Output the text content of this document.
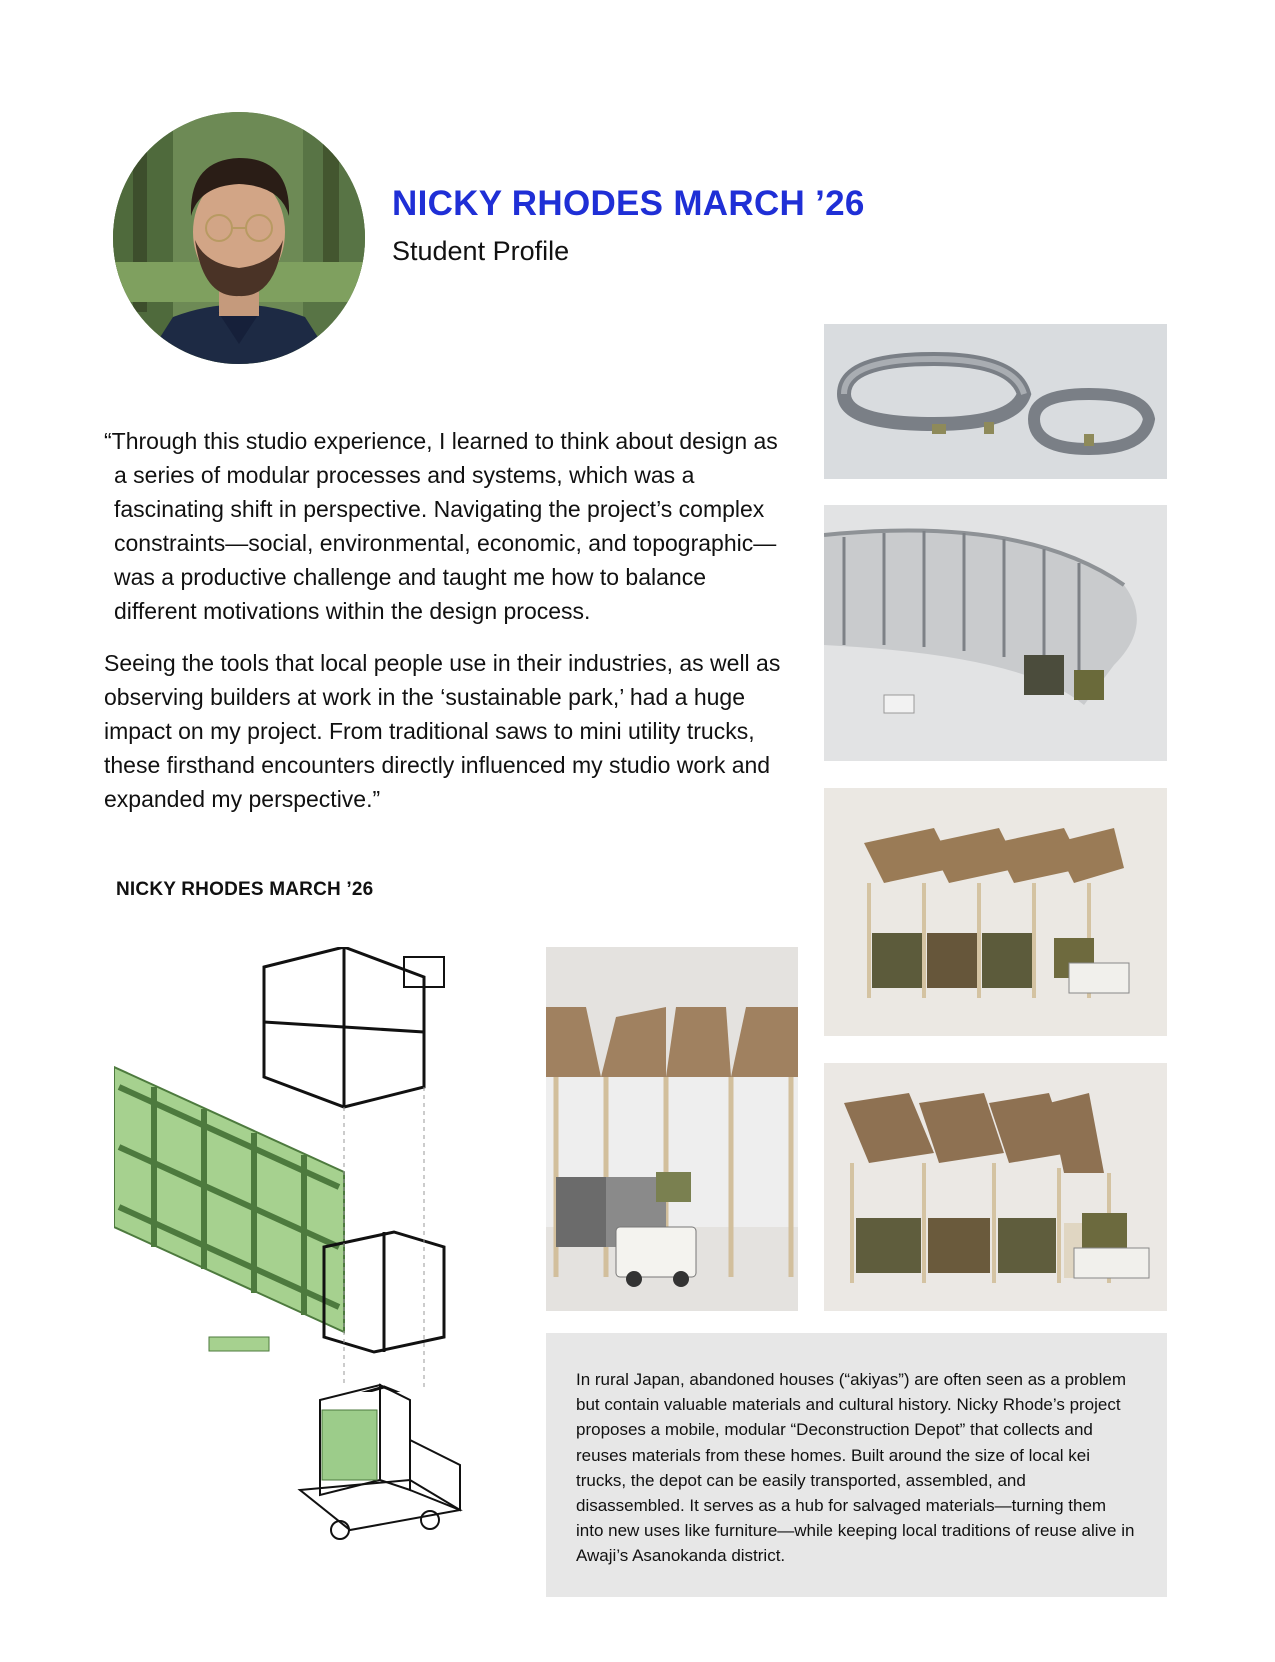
NICKY RHODES MARCH ’26
Student Profile

“Through this studio experience, I learned to think about design as a series of modular processes and systems, which was a fascinating shift in perspective. Navigating the project’s complex constraints—social, environmental, economic, and topographic—was a productive challenge and taught me how to balance different motivations within the design process.

Seeing the tools that local people use in their industries, as well as observing builders at work in the ‘sustainable park,’ had a huge impact on my project. From traditional saws to mini utility trucks, these firsthand encounters directly influenced my studio work and expanded my perspective.”

NICKY RHODES MARCH ’26

In rural Japan, abandoned houses (“akiyas”) are often seen as a problem but contain valuable materials and cultural history. Nicky Rhode’s project proposes a mobile, modular “Deconstruction Depot” that collects and reuses materials from these homes. Built around the size of local kei trucks, the depot can be easily transported, assembled, and disassembled. It serves as a hub for salvaged materials—turning them into new uses like furniture—while keeping local traditions of reuse alive in Awaji’s Asanokanda district.
